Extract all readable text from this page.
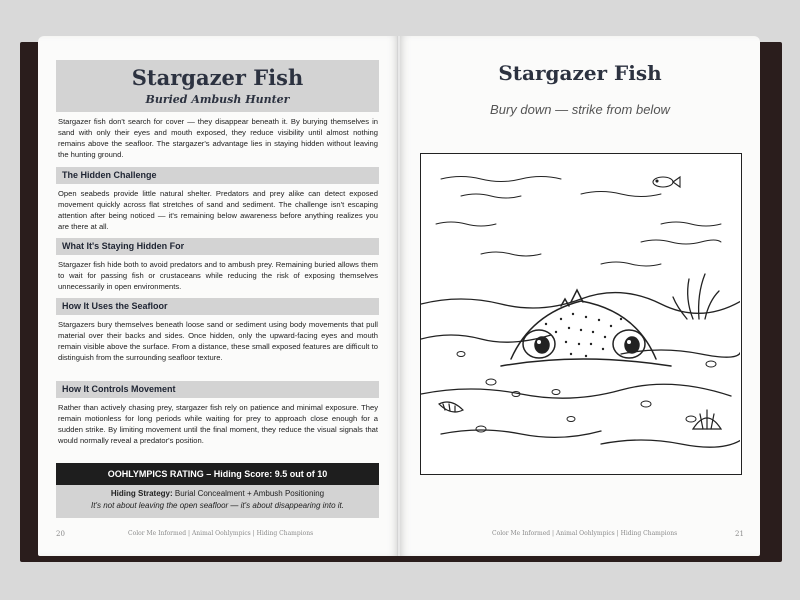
Stargazer Fish
Buried Ambush Hunter
Stargazer fish don't search for cover — they disappear beneath it. By burying themselves in sand with only their eyes and mouth exposed, they reduce visibility until almost nothing remains above the seafloor. The stargazer's advantage lies in staying hidden without leaving the hunting ground.
The Hidden Challenge
Open seabeds provide little natural shelter. Predators and prey alike can detect exposed movement quickly across flat stretches of sand and sediment. The challenge isn't escaping attention after being noticed — it's remaining below awareness before anything realizes you are there at all.
What It's Staying Hidden For
Stargazer fish hide both to avoid predators and to ambush prey. Remaining buried allows them to wait for passing fish or crustaceans while reducing the risk of exposing themselves unnecessarily in open environments.
How It Uses the Seafloor
Stargazers bury themselves beneath loose sand or sediment using body movements that pull material over their backs and sides. Once hidden, only the upward-facing eyes and mouth remain visible above the surface. From a distance, these small exposed features are difficult to distinguish from the surrounding seafloor texture.
How It Controls Movement
Rather than actively chasing prey, stargazer fish rely on patience and minimal exposure. They remain motionless for long periods while waiting for prey to approach close enough for a sudden strike. By limiting movement until the final moment, they reduce the visual signals that would normally reveal a predator's position.
OOHLYMPICS RATING – Hiding Score: 9.5 out of 10
Hiding Strategy: Burial Concealment + Ambush Positioning
It's not about leaving the open seafloor — it's about disappearing into it.
20	Color Me Informed | Animal Oohlympics | Hiding Champions
Stargazer Fish
Bury down — strike from below
Color Me Informed | Animal Oohlympics | Hiding Champions	21
